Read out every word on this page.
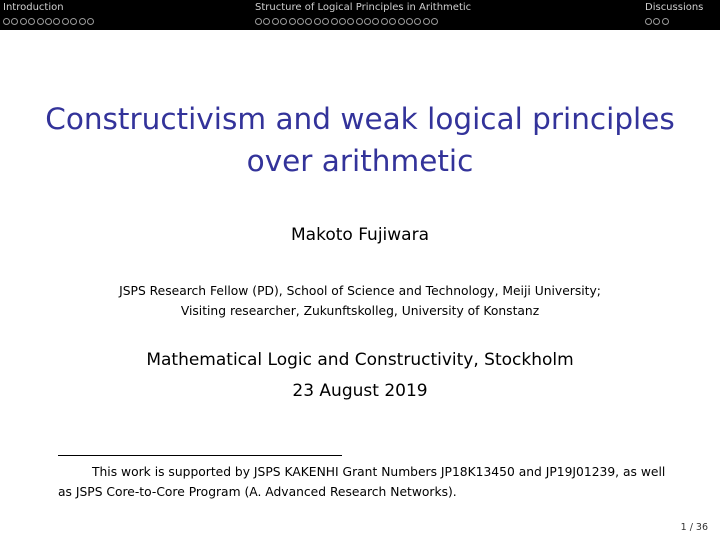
Introduction	Structure of Logical Principles in Arithmetic	Discussions
Constructivism and weak logical principles
over arithmetic
Makoto Fujiwara
JSPS Research Fellow (PD), School of Science and Technology, Meiji University;
Visiting researcher, Zukunftskolleg, University of Konstanz
Mathematical Logic and Constructivity, Stockholm
23 August 2019
This work is supported by JSPS KAKENHI Grant Numbers JP18K13450 and JP19J01239, as well as JSPS Core-to-Core Program (A. Advanced Research Networks).
1 / 36
